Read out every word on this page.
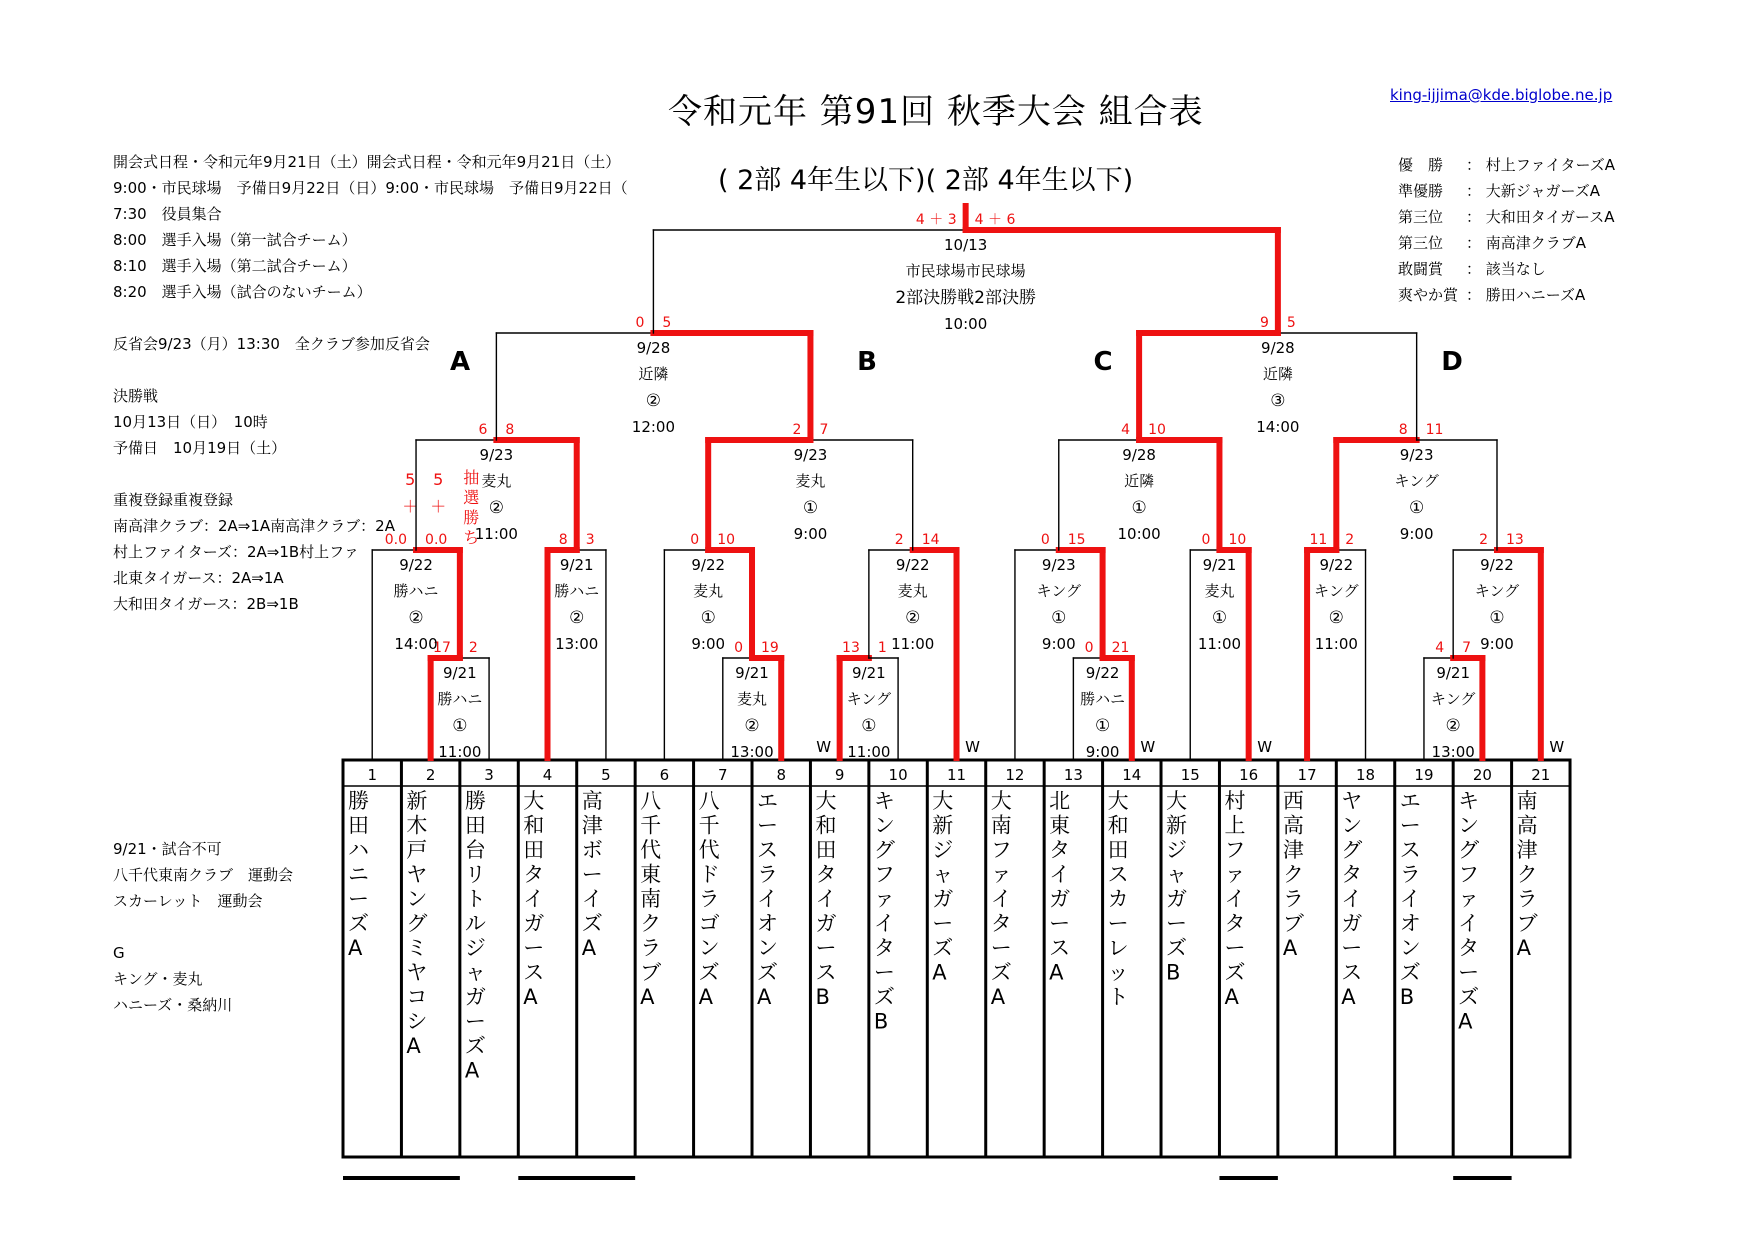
令和元年 第91回 秋季大会 組合表
( 2部 4年生以下)( 2部 4年生以下)
king-ijjima@kde.biglobe.ne.jp
開会式日程・令和元年9月21日（土）開会式日程・令和元年9月21日（土）
9:00・市民球場　予備日9月22日（日）9:00・市民球場　予備日9月22日（
7:30　役員集合
8:00　選手入場（第一試合チーム）
8:10　選手入場（第二試合チーム）
8:20　選手入場（試合のないチーム）
反省会9/23（月）13:30　全クラブ参加反省会
決勝戦
10月13日（日）　10時
予備日　10月19日（土）
重複登録重複登録
南高津クラブ：2A⇒1A南高津クラブ：2A
村上ファイターズ：2A⇒1B村上ファ
北東タイガース：2A⇒1A
大和田タイガース：2B⇒1B
9/21・試合不可
八千代東南クラブ　運動会
スカーレット　運動会
G
キング・麦丸
ハニーズ・桑納川
優　勝 ： 村上ファイターズA
準優勝 ： 大新ジャガーズA
第三位 ： 大和田タイガースA
第三位 ： 南高津クラブA
敢闘賞 ： 該当なし
爽やか賞 ： 勝田ハニーズA
1
勝
田
ハ
ニ
ー
ズ
A
2
新
木
戸
ヤ
ン
グ
ミ
ヤ
コ
シ
A
3
勝
田
台
リ
ト
ル
ジ
ャ
ガ
ー
ズ
A
4
大
和
田
タ
イ
ガ
ー
ス
A
5
高
津
ボ
ー
イ
ズ
A
6
八
千
代
東
南
ク
ラ
ブ
A
7
八
千
代
ド
ラ
ゴ
ン
ズ
A
8
エ
ー
ス
ラ
イ
オ
ン
ズ
A
9
大
和
田
タ
イ
ガ
ー
ス
B
10
キ
ン
グ
フ
ァ
イ
タ
ー
ズ
B
11
大
新
ジ
ャ
ガ
ー
ズ
A
12
大
南
フ
ァ
イ
タ
ー
ズ
A
13
北
東
タ
イ
ガ
ー
ス
A
14
大
和
田
ス
カ
ー
レ
ッ
ト
15
大
新
ジ
ャ
ガ
ー
ズ
B
16
村
上
フ
ァ
イ
タ
ー
ズ
A
17
西
高
津
ク
ラ
ブ
A
18
ヤ
ン
グ
タ
イ
ガ
ー
ス
A
19
エ
ー
ス
ラ
イ
オ
ン
ズ
B
20
キ
ン
グ
フ
ァ
イ
タ
ー
ズ
A
21
南
高
津
ク
ラ
ブ
A
A	B	C	D
17 2
9/21
勝ハニ
①
11:00
0 19
9/21
麦丸
②
13:00
13 1
9/21
キング
①
11:00
W
0 21
9/22
勝ハニ
①
9:00 W
4 7
9/21
キング
②
13:00
0.0 0.0
9/22
勝ハニ
②
14:00
5
＋
5
＋
抽
選
勝
ち	8 3
9/21
勝ハニ
②
13:00
0 10
9/22
麦丸
①
9:00
2 14
9/22
麦丸
②
11:00
W
0 15
9/23
キング
①
9:00
0 10
9/21
麦丸
①
11:00
W
11 2
9/22
キング
②
11:00
2 13
9/22
キング
①
9:00
W
6 8
9/23
麦丸
②
11:00
2 7
9/23
麦丸
①
9:00
4 10
9/28
近隣
①
10:00
8 11
9/23
キング
①
9:00
0 5
9/28
近隣
②
12:00
9 5
9/28
近隣
③
14:00
4 ＋ 3 4 ＋ 6
10/13
市民球場市民球場
2部決勝戦2部決勝
10:00
